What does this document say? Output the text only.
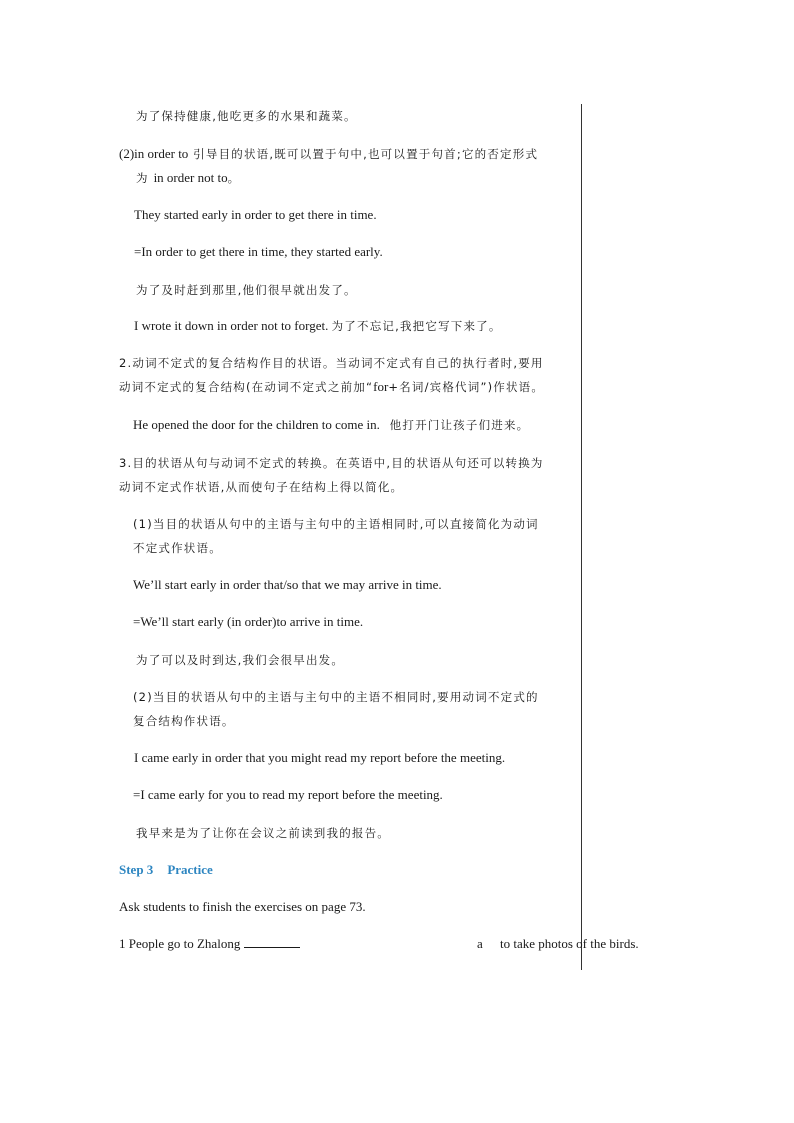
为了保持健康,他吃更多的水果和蔬菜。
(2)in order to 引导目的状语,既可以置于句中,也可以置于句首;它的否定形式
为 in order not to。
They started early in order to get there in time.
=In order to get there in time, they started early.
为了及时赶到那里,他们很早就出发了。
I wrote it down in order not to forget. 为了不忘记,我把它写下来了。
2.动词不定式的复合结构作目的状语。当动词不定式有自己的执行者时,要用
动词不定式的复合结构(在动词不定式之前加“for+名词/宾格代词”)作状语。
He opened the door for the children to come in. 他打开门让孩子们进来。
3.目的状语从句与动词不定式的转换。在英语中,目的状语从句还可以转换为
动词不定式作状语,从而使句子在结构上得以简化。
(1)当目的状语从句中的主语与主句中的主语相同时,可以直接简化为动词
不定式作状语。
We’ll start early in order that/so that we may arrive in time.
=We’ll start early (in order)to arrive in time.
为了可以及时到达,我们会很早出发。
(2)当目的状语从句中的主语与主句中的主语不相同时,要用动词不定式的
复合结构作状语。
I came early in order that you might read my report before the meeting.
=I came early for you to read my report before the meeting.
我早来是为了让你在会议之前读到我的报告。
Step 3 Practice
Ask students to finish the exercises on page 73.
1 People go to Zhalong	a to take photos of the birds.
